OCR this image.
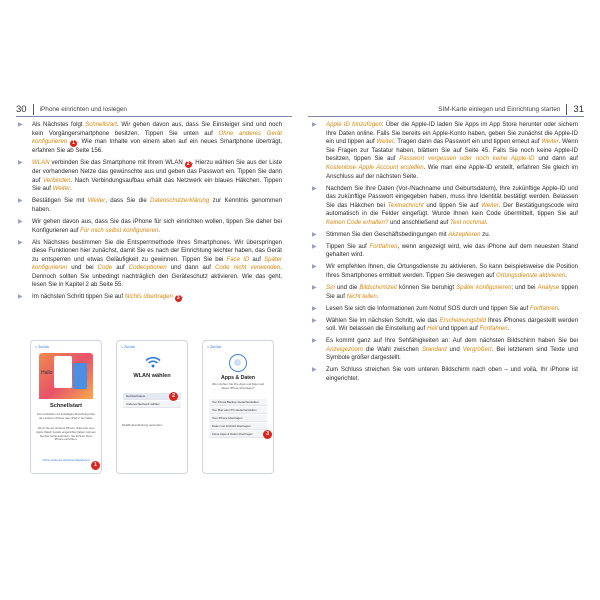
30 iPhone einrichten und loslegen
▶	Als Nächstes folgt Schnellstart. Wir gehen davon aus, dass Sie Einsteiger sind und noch kein Vorgängersmartphone besitzen. Tippen Sie unten auf Ohne anderes Gerät konfigurieren 1 . Wie man Inhalte von einem alten auf ein neues Smartphone überträgt, erfahren Sie ab Seite 156.
▶	WLAN verbinden Sie das Smartphone mit Ihrem WLAN 2 . Hierzu wählen Sie aus der Liste der vorhandenen Netze das gewünschte aus und geben das Passwort ein. Tippen Sie dann auf Verbinden. Nach Verbindungsaufbau erhält das Netzwerk ein blaues Häkchen. Tippen Sie auf Weiter.
▶	Bestätigen Sie mit Weiter, dass Sie die Datenschutzerklärung zur Kenntnis genommen haben.
▶	Wir gehen davon aus, dass Sie das iPhone für sich einrichten wollen, tippen Sie daher bei Konfigurieren auf Für mich selbst konfigurieren.
▶	Als Nächstes bestimmen Sie die Entsperrmethode Ihres Smartphones. Wir überspringen diese Funktionen hier zunächst, damit Sie es nach der Einrichtung leichter haben, das Gerät zu entsperren und etwas Geläufigkeit zu gewinnen. Tippen Sie bei Face ID auf Später konfigurieren und bei Code auf Codeoptionen und dann auf Code nicht verwenden. Dennoch sollten Sie unbedingt nachträglich den Geräteschutz aktivieren. Wie das geht, lesen Sie in Kapitel 2 ab Seite 55.
▶	Im nächsten Schritt tippen Sie auf Nichts übertragen 3 .
Hallo
< Zurück
Schnellstart
Zum Aufstellen mit bestätigter Einrichtung über den anderen iPhone oder iPad in der Nähe.
Wenn Sie ein anderes iPhone, iPad oder eine Apple Watch bereits eingerichtet haben, können Sie das Gerät anfordern. Sie können Ihren iPhone einrichten.
Ohne anderes Gerät konfigurieren
1
< Zurück
WLAN wählen
Netzwerkname
Anderes Netzwerk wählen
Mobilfunkverbindung verwenden
2
< Zurück
Apps & Daten
Wie möchten Sie Ihre Apps und Daten auf dieses iPhone übertragen?
Von iCloud-Backup wiederherstellen
Von Mac oder PC wiederherstellen
Vom iPhone übertragen
Daten von Android übertragen
Keine Apps & Daten übertragen	3
SIM-Karte einlegen und Einrichtung starten 31
▶	Apple ID hinzufügen: Über die Apple-ID laden Sie Apps im App Store herunter oder sichern Ihre Daten online. Falls Sie bereits ein Apple-Konto haben, geben Sie zunächst die Apple-ID ein und tippen auf Weiter. Tragen dann das Passwort ein und tippen erneut auf Weiter. Wenn Sie Fragen zur Tastatur haben, blättern Sie auf Seite 45. Falls Sie noch keine Apple-ID besitzen, tippen Sie auf Passwort vergessen oder noch keine Apple-ID und dann auf Kostenlose Apple Account erstellen. Wie man eine Apple-ID erstellt, erfahren Sie gleich im Anschluss auf der nächsten Seite.
▶	Nachdem Sie Ihre Daten (Vor-/Nachname und Geburtsdatum), Ihre zukünftige Apple-ID und das zukünftige Passwort eingegeben haben, muss Ihre Identität bestätigt werden. Belassen Sie das Häkchen bei Textnachricht und tippen Sie auf Weiter. Der Bestätigungscode wird automatisch in die Felder eingefügt. Wurde Ihnen kein Code übermittelt, tippen Sie auf Keinen Code erhalten? und anschließend auf Text nochmal.
▶	Stimmen Sie den Geschäftsbedingungen mit Akzeptieren zu.
▶	Tippen Sie auf Fortfahren, wenn angezeigt wird, wie das iPhone auf dem neuesten Stand gehalten wird.
▶	Wir empfehlen Ihnen, die Ortungsdienste zu aktivieren. So kann beispielsweise die Position Ihres Smartphones ermittelt werden. Tippen Sie deswegen auf Ortungsdienste aktivieren.
▶	Siri und die Bildschirmzeit können Sie beruhigt Später konfigurieren; und bei Analyse tippen Sie auf Nicht teilen.
▶	Lesen Sie sich die Informationen zum Notruf SOS durch und tippen Sie auf Fortfahren.
▶	Wählen Sie im nächsten Schritt, wie das Erscheinungsbild Ihres iPhones dargestellt werden soll. Wir belassen die Einstellung auf Hell und tippen auf Fortfahren.
▶	Es kommt ganz auf Ihre Sehfähigkeiten an: Auf dem nächsten Bildschirm haben Sie bei Anzeigezoom die Wahl zwischen Standard und Vergrößert. Bei letzterem sind Texte und Symbole größer dargestellt.
▶	Zum Schluss streichen Sie vom unteren Bildschirm nach oben – und voilà, Ihr iPhone ist eingerichtet.
